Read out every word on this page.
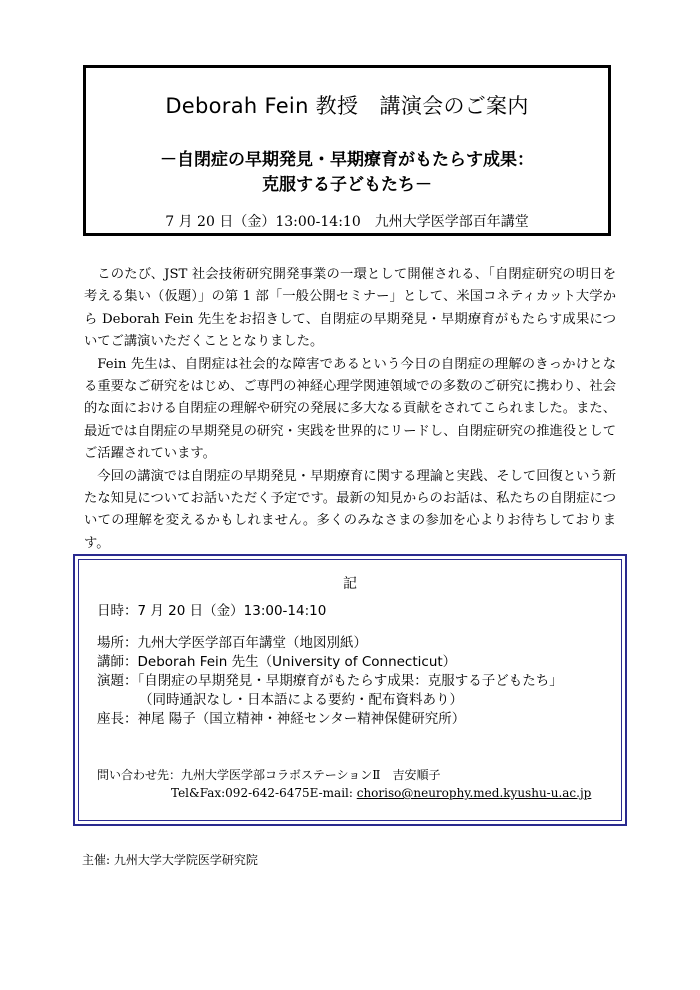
Deborah Fein 教授　講演会のご案内
－自閉症の早期発見・早期療育がもたらす成果：
克服する子どもたち－
7 月 20 日（金）13:00-14:10　九州大学医学部百年講堂

このたび、JST 社会技術研究開発事業の一環として開催される、「自閉症研究の明日を考える集い（仮題）」の第 1 部「一般公開セミナー」として、米国コネティカット大学から Deborah Fein 先生をお招きして、自閉症の早期発見・早期療育がもたらす成果についてご講演いただくこととなりました。

Fein 先生は、自閉症は社会的な障害であるという今日の自閉症の理解のきっかけとなる重要なご研究をはじめ、ご専門の神経心理学関連領域での多数のご研究に携わり、社会的な面における自閉症の理解や研究の発展に多大なる貢献をされてこられました。また、最近では自閉症の早期発見の研究・実践を世界的にリードし、自閉症研究の推進役としてご活躍されています。

今回の講演では自閉症の早期発見・早期療育に関する理論と実践、そして回復という新たな知見についてお話いただく予定です。最新の知見からのお話は、私たちの自閉症についての理解を変えるかもしれません。多くのみなさまの参加を心よりお待ちしております。

記
日時：7 月 20 日（金）13:00-14:10
場所：九州大学医学部百年講堂（地図別紙）
講師：Deborah Fein 先生（University of Connecticut）
演題：「自閉症の早期発見・早期療育がもたらす成果：克服する子どもたち」
（同時通訳なし・日本語による要約・配布資料あり）
座長：神尾 陽子（国立精神・神経センター精神保健研究所）
問い合わせ先：九州大学医学部コラボステーションⅡ　吉安順子
Tel&Fax:092-642-6475E-mail: choriso@neurophy.med.kyushu-u.ac.jp
主催: 九州大学大学院医学研究院
